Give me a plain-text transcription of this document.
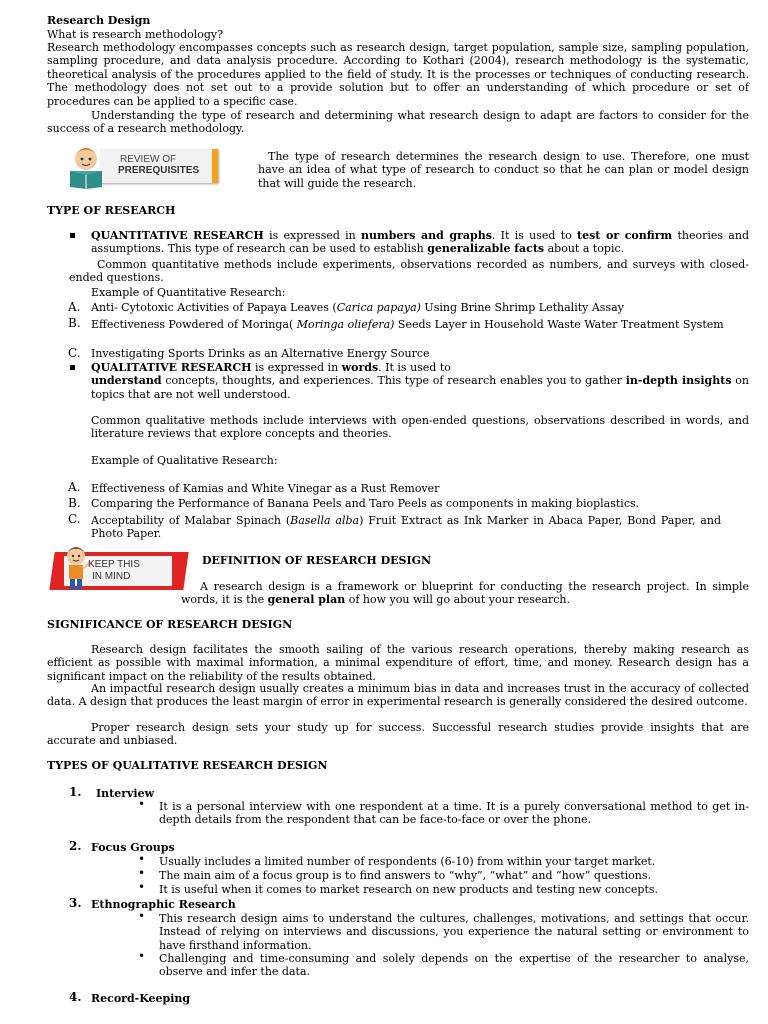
Research Design

What is research methodology?

Research methodology encompasses concepts such as research design, target population, sample size, sampling population, sampling procedure, and data analysis procedure. According to Kothari (2004), research methodology is the systematic, theoretical analysis of the procedures applied to the field of study. It is the processes or techniques of conducting research. The methodology does not set out to a provide solution but to offer an understanding of which procedure or set of procedures can be applied to a specific case.

Understanding the type of research and determining what research design to adapt are factors to consider for the success of a research methodology.

REVIEW OF
PREREQUISITES

The type of research determines the research design to use. Therefore, one must have an idea of what type of research to conduct so that he can plan or model design that will guide the research.

TYPE OF RESEARCH

QUANTITATIVE RESEARCH is expressed in numbers and graphs. It is used to test or confirm theories and assumptions. This type of research can be used to establish generalizable facts about a topic.

Common quantitative methods include experiments, observations recorded as numbers, and surveys with closed-ended questions.

Example of Quantitative Research:

A. Anti- Cytotoxic Activities of Papaya Leaves (Carica papaya) Using Brine Shrimp Lethality Assay

B. Effectiveness Powdered of Moringa( Moringa oliefera) Seeds Layer in Household Waste Water Treatment System

C. Investigating Sports Drinks as an Alternative Energy Source

QUALITATIVE RESEARCH is expressed in words. It is used to
understand concepts, thoughts, and experiences. This type of research enables you to gather in-depth insights on topics that are not well understood.

Common qualitative methods include interviews with open-ended questions, observations described in words, and literature reviews that explore concepts and theories.

Example of Qualitative Research:

A. Effectiveness of Kamias and White Vinegar as a Rust Remover

B. Comparing the Performance of Banana Peels and Taro Peels as components in making bioplastics.

C. Acceptability of Malabar Spinach (Basella alba) Fruit Extract as Ink Marker in Abaca Paper, Bond Paper, and Photo Paper.

KEEP THIS
IN MIND

DEFINITION OF RESEARCH DESIGN

A research design is a framework or blueprint for conducting the research project. In simple words, it is the general plan of how you will go about your research.

SIGNIFICANCE OF RESEARCH DESIGN

Research design facilitates the smooth sailing of the various research operations, thereby making research as efficient as possible with maximal information, a minimal expenditure of effort, time, and money. Research design has a significant impact on the reliability of the results obtained.

An impactful research design usually creates a minimum bias in data and increases trust in the accuracy of collected data. A design that produces the least margin of error in experimental research is generally considered the desired outcome.

Proper research design sets your study up for success. Successful research studies provide insights that are accurate and unbiased.

TYPES OF QUALITATIVE RESEARCH DESIGN

1. Interview

• It is a personal interview with one respondent at a time. It is a purely conversational method to get in-depth details from the respondent that can be face-to-face or over the phone.

2. Focus Groups

• Usually includes a limited number of respondents (6-10) from within your target market.

• The main aim of a focus group is to find answers to “why”, “what” and “how” questions.

• It is useful when it comes to market research on new products and testing new concepts.

3. Ethnographic Research

• This research design aims to understand the cultures, challenges, motivations, and settings that occur. Instead of relying on interviews and discussions, you experience the natural setting or environment to have firsthand information.

• Challenging and time-consuming and solely depends on the expertise of the researcher to analyse, observe and infer the data.

4. Record-Keeping
